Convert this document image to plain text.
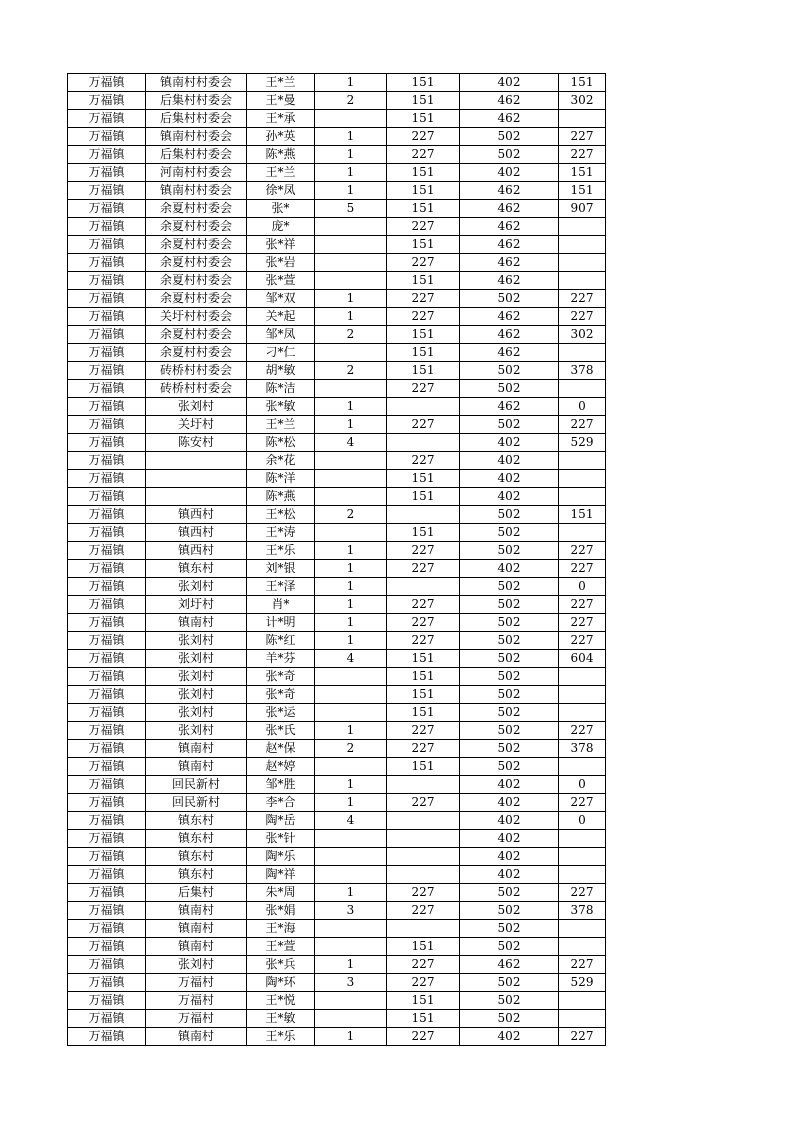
万福镇	镇南村村委会	王*兰	1	151	402	151
万福镇	后集村村委会	王*曼	2	151	462	302
万福镇	后集村村委会	王*承		151	462	
万福镇	镇南村村委会	孙*英	1	227	502	227
万福镇	后集村村委会	陈*燕	1	227	502	227
万福镇	河南村村委会	王*兰	1	151	402	151
万福镇	镇南村村委会	徐*凤	1	151	462	151
万福镇	余夏村村委会	张*	5	151	462	907
万福镇	余夏村村委会	庞*		227	462	
万福镇	余夏村村委会	张*祥		151	462	
万福镇	余夏村村委会	张*岩		227	462	
万福镇	余夏村村委会	张*萱		151	462	
万福镇	余夏村村委会	邹*双	1	227	502	227
万福镇	关圩村村委会	关*起	1	227	462	227
万福镇	余夏村村委会	邹*凤	2	151	462	302
万福镇	余夏村村委会	刁*仁		151	462	
万福镇	砖桥村村委会	胡*敏	2	151	502	378
万福镇	砖桥村村委会	陈*洁		227	502	
万福镇	张刘村	张*敏	1		462	0
万福镇	关圩村	王*兰	1	227	502	227
万福镇	陈安村	陈*松	4		402	529
万福镇		余*花		227	402	
万福镇		陈*洋		151	402	
万福镇		陈*燕		151	402	
万福镇	镇西村	王*松	2		502	151
万福镇	镇西村	王*涛		151	502	
万福镇	镇西村	王*乐	1	227	502	227
万福镇	镇东村	刘*银	1	227	402	227
万福镇	张刘村	王*泽	1		502	0
万福镇	刘圩村	肖*	1	227	502	227
万福镇	镇南村	计*明	1	227	502	227
万福镇	张刘村	陈*红	1	227	502	227
万福镇	张刘村	羊*芬	4	151	502	604
万福镇	张刘村	张*奇		151	502	
万福镇	张刘村	张*奇		151	502	
万福镇	张刘村	张*运		151	502	
万福镇	张刘村	张*氏	1	227	502	227
万福镇	镇南村	赵*保	2	227	502	378
万福镇	镇南村	赵*婷		151	502	
万福镇	回民新村	邹*胜	1		402	0
万福镇	回民新村	李*合	1	227	402	227
万福镇	镇东村	陶*岳	4		402	0
万福镇	镇东村	张*针			402	
万福镇	镇东村	陶*乐			402	
万福镇	镇东村	陶*祥			402	
万福镇	后集村	朱*周	1	227	502	227
万福镇	镇南村	张*娟	3	227	502	378
万福镇	镇南村	王*海			502	
万福镇	镇南村	王*萱		151	502	
万福镇	张刘村	张*兵	1	227	462	227
万福镇	万福村	陶*环	3	227	502	529
万福镇	万福村	王*悦		151	502	
万福镇	万福村	王*敏		151	502	
万福镇	镇南村	王*乐	1	227	402	227
